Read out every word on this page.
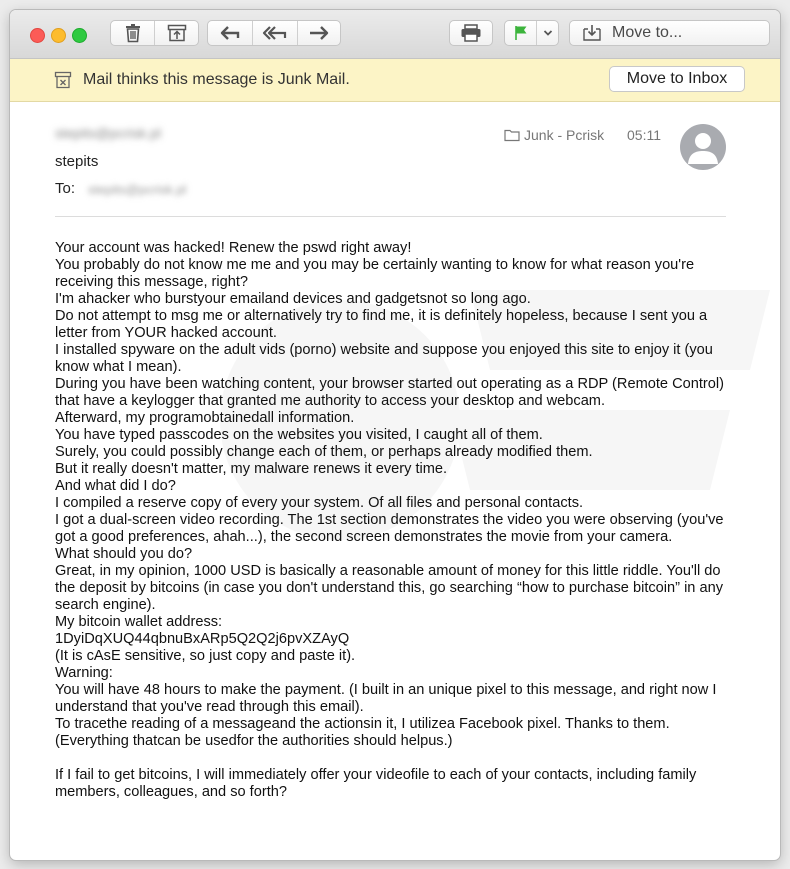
Move to...
Mail thinks this message is Junk Mail.	Move to Inbox
stepits@pcrisk.pl
stepits
To: stepits@pcrisk.pl
Junk - Pcrisk 05:11
Your account was hacked! Renew the pswd right away!
You probably do not know me me and you may be certainly wanting to know for what reason you're
receiving this message, right?
I'm ahacker who burstyour emailand devices and gadgetsnot so long ago.
Do not attempt to msg me or alternatively try to find me, it is definitely hopeless, because I sent you a
letter from YOUR hacked account.
I installed spyware on the adult vids (porno) website and suppose you enjoyed this site to enjoy it (you
know what I mean).
During you have been watching content, your browser started out operating as a RDP (Remote Control)
that have a keylogger that granted me authority to access your desktop and webcam.
Afterward, my programobtainedall information.
You have typed passcodes on the websites you visited, I caught all of them.
Surely, you could possibly change each of them, or perhaps already modified them.
But it really doesn't matter, my malware renews it every time.
And what did I do?
I compiled a reserve copy of every your system. Of all files and personal contacts.
I got a dual-screen video recording. The 1st section demonstrates the video you were observing (you've
got a good preferences, ahah...), the second screen demonstrates the movie from your camera.
What should you do?
Great, in my opinion, 1000 USD is basically a reasonable amount of money for this little riddle. You'll do
the deposit by bitcoins (in case you don't understand this, go searching “how to purchase bitcoin” in any
search engine).
My bitcoin wallet address:
1DyiDqXUQ44qbnuBxARp5Q2Q2j6pvXZAyQ
(It is cAsE sensitive, so just copy and paste it).
Warning:
You will have 48 hours to make the payment. (I built in an unique pixel to this message, and right now I
understand that you've read through this email).
To tracethe reading of a messageand the actionsin it, I utilizea Facebook pixel. Thanks to them.
(Everything thatcan be usedfor the authorities should helpus.)
If I fail to get bitcoins, I will immediately offer your videofile to each of your contacts, including family
members, colleagues, and so forth?
